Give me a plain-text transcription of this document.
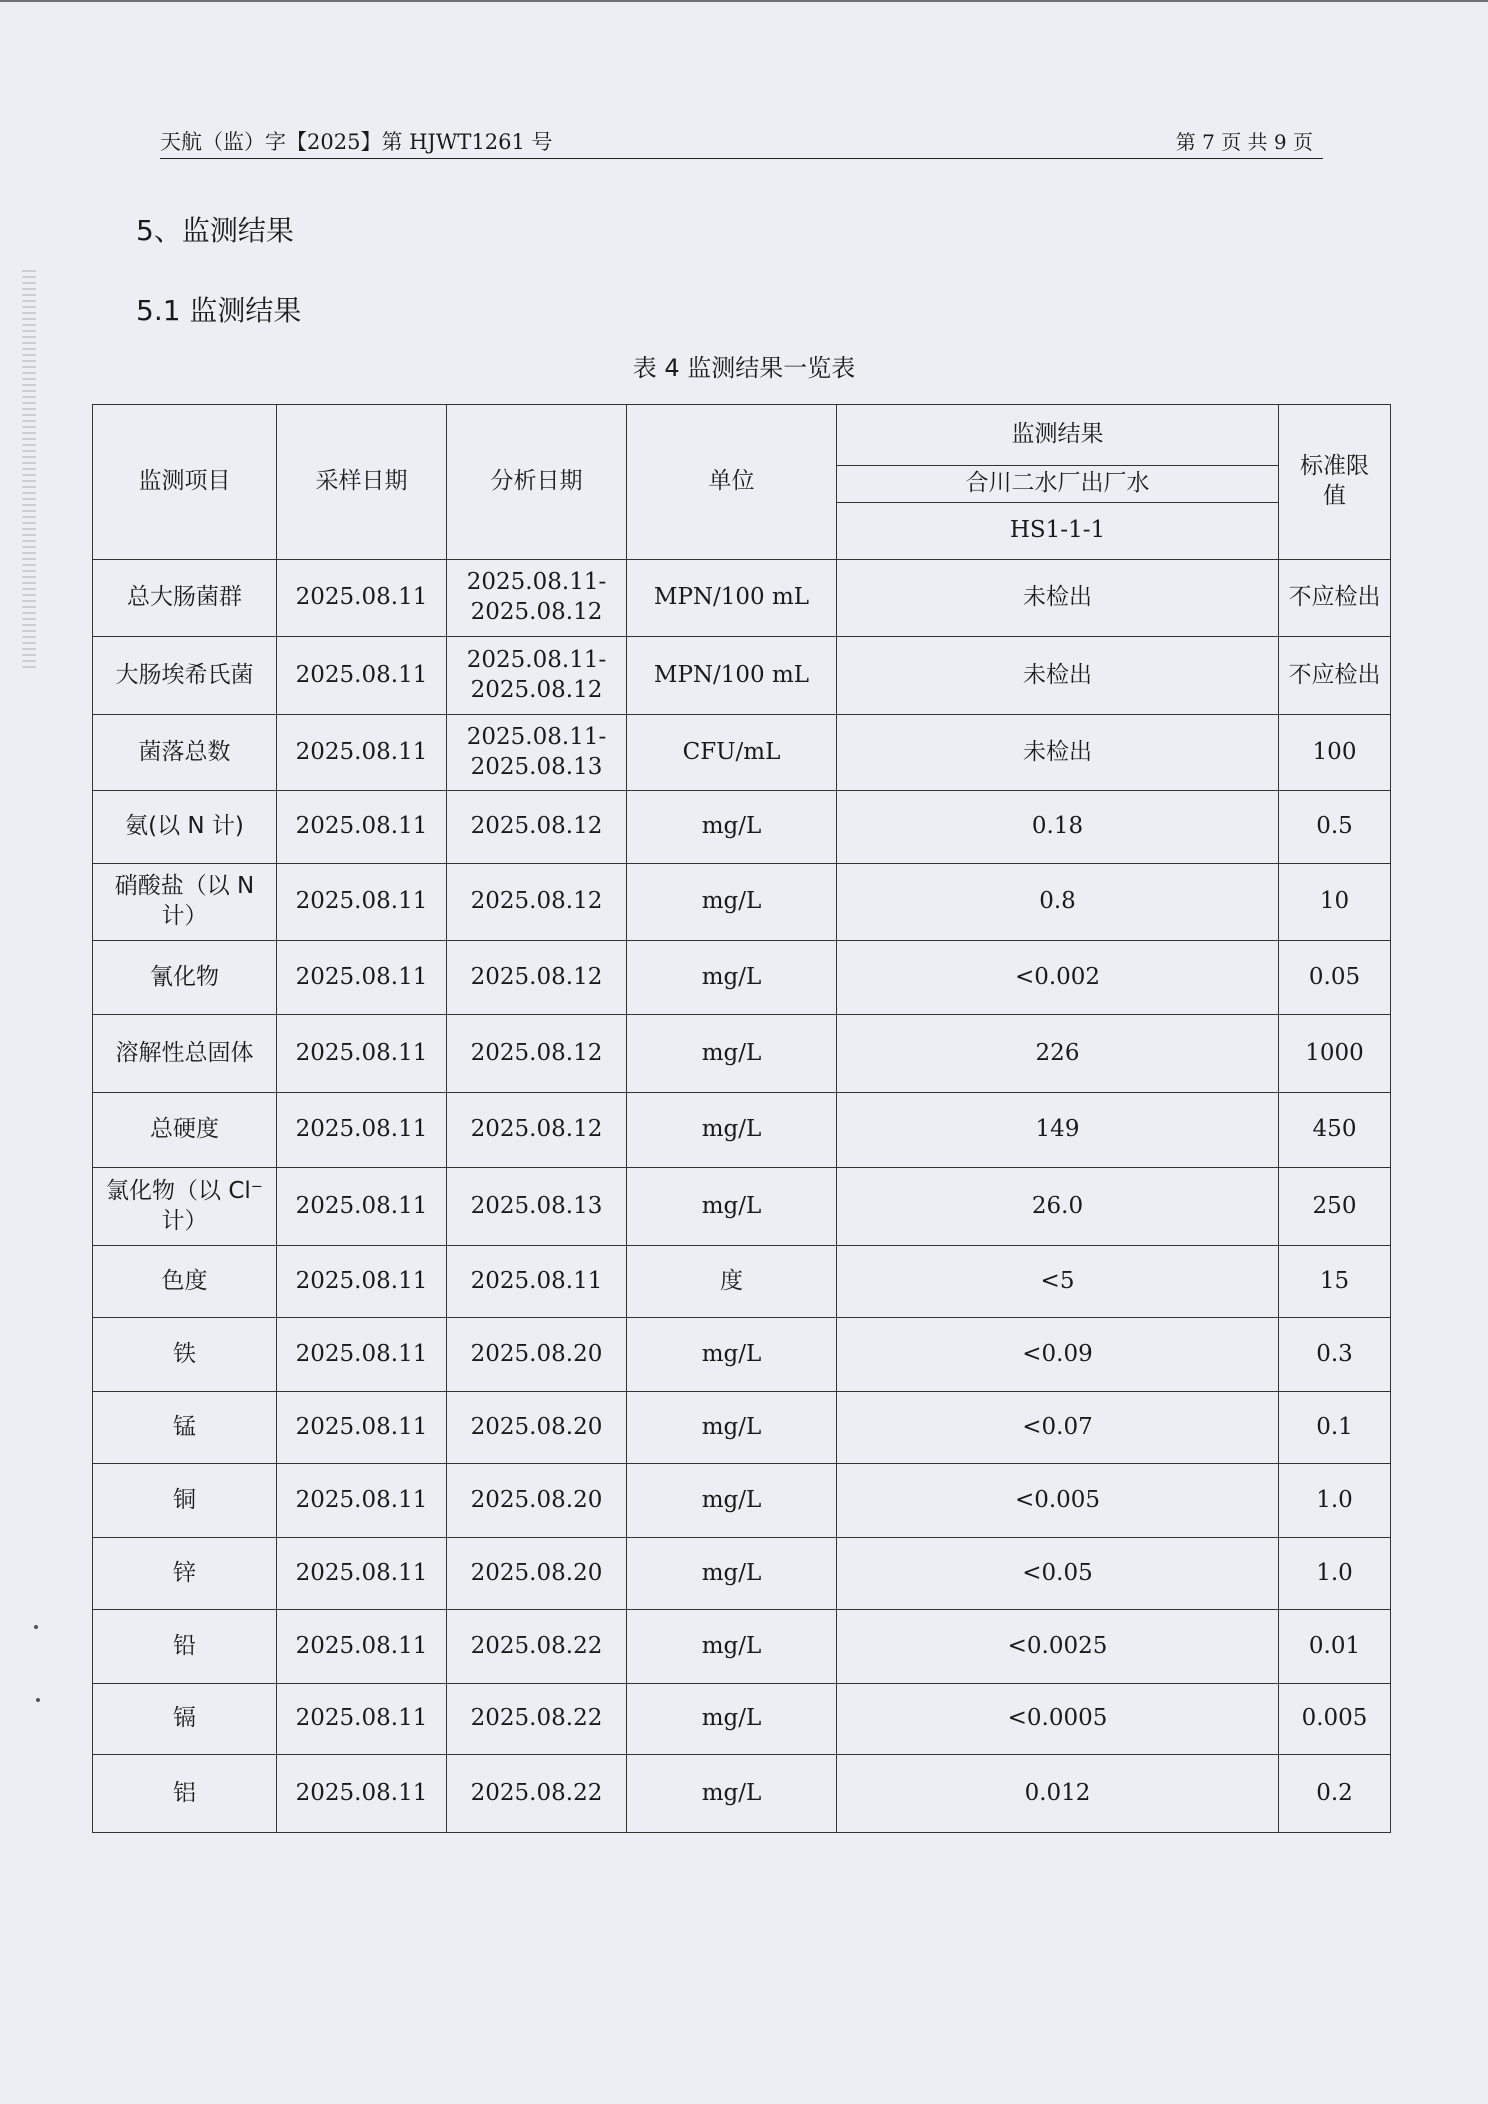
天航（监）字【2025】第 HJWT1261 号	第 7 页 共 9 页
5、监测结果
5.1 监测结果
表 4 监测结果一览表
监测项目	采样日期	分析日期	单位	监测结果	标准限值
				合川二水厂出厂水	
				HS1-1-1	
总大肠菌群	2025.08.11	2025.08.11-2025.08.12	MPN/100 mL	未检出	不应检出
大肠埃希氏菌	2025.08.11	2025.08.11-2025.08.12	MPN/100 mL	未检出	不应检出
菌落总数	2025.08.11	2025.08.11-2025.08.13	CFU/mL	未检出	100
氨(以 N 计)	2025.08.11	2025.08.12	mg/L	0.18	0.5
硝酸盐（以 N 计）	2025.08.11	2025.08.12	mg/L	0.8	10
氰化物	2025.08.11	2025.08.12	mg/L	<0.002	0.05
溶解性总固体	2025.08.11	2025.08.12	mg/L	226	1000
总硬度	2025.08.11	2025.08.12	mg/L	149	450
氯化物（以 Cl⁻计）	2025.08.11	2025.08.13	mg/L	26.0	250
色度	2025.08.11	2025.08.11	度	<5	15
铁	2025.08.11	2025.08.20	mg/L	<0.09	0.3
锰	2025.08.11	2025.08.20	mg/L	<0.07	0.1
铜	2025.08.11	2025.08.20	mg/L	<0.005	1.0
锌	2025.08.11	2025.08.20	mg/L	<0.05	1.0
铅	2025.08.11	2025.08.22	mg/L	<0.0025	0.01
镉	2025.08.11	2025.08.22	mg/L	<0.0005	0.005
铝	2025.08.11	2025.08.22	mg/L	0.012	0.2
